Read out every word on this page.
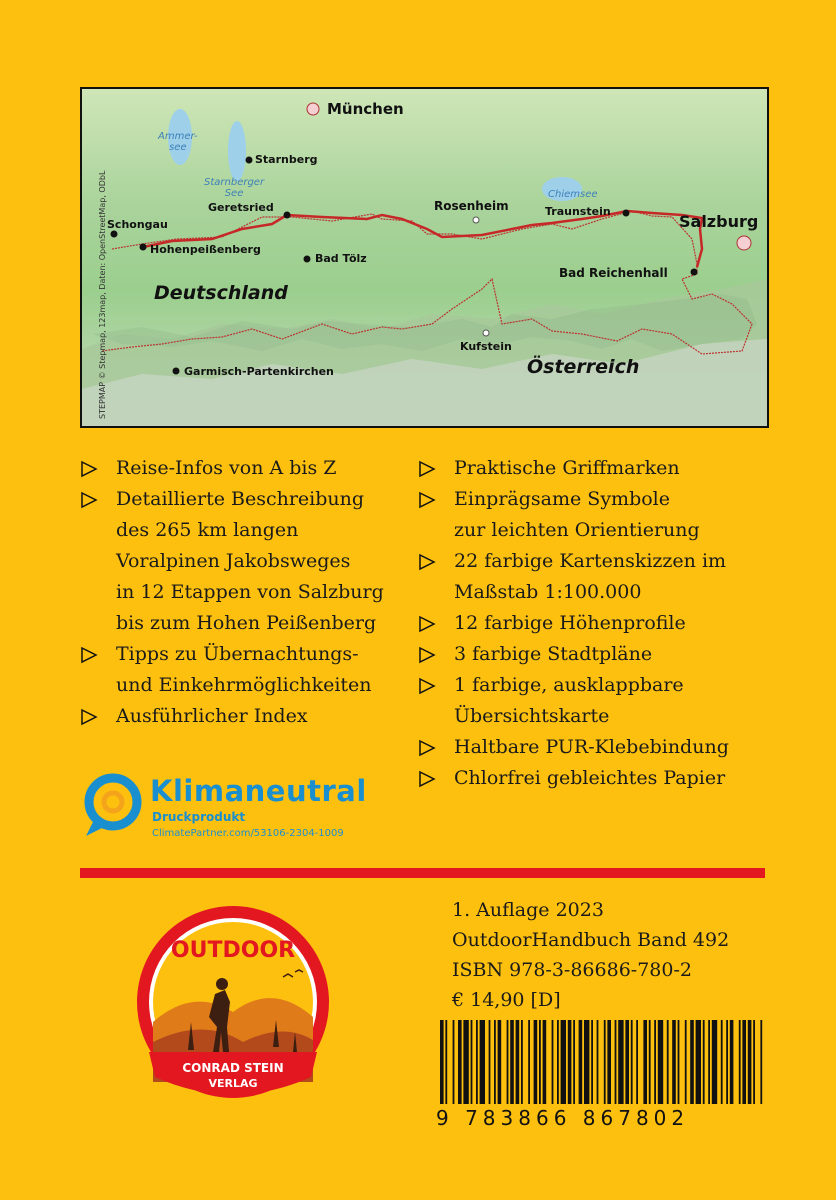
STEPMAP © Stepmap, 123map, Daten: OpenStreetMap, ODbL
München
Starnberg
Geretsried
Schongau
Hohenpeißenberg
Bad Tölz
Rosenheim	Traunstein
Salzburg
Bad Reichenhall
Kufstein
Garmisch-Partenkirchen
Ammer-
see
Starnberger
See	Chiemsee
Deutschland
Österreich
Reise-Infos von A bis Z
Detaillierte Beschreibung
des 265 km langen
Voralpinen Jakobsweges
in 12 Etappen von Salzburg
bis zum Hohen Peißenberg
Tipps zu Übernachtungs-
und Einkehrmöglichkeiten
Ausführlicher Index
Praktische Griffmarken
Einprägsame Symbole
zur leichten Orientierung
22 farbige Kartenskizzen im
Maßstab 1:100.000
12 farbige Höhenprofile
3 farbige Stadtpläne
1 farbige, ausklappbare
Übersichtskarte
Haltbare PUR-Klebebindung
Chlorfrei gebleichtes Papier
Klimaneutral
Druckprodukt
ClimatePartner.com/53106-2304-1009
OUTDOOR
CONRAD STEIN
VERLAG
1. Auflage 2023
OutdoorHandbuch Band 492
ISBN 978-3-86686-780-2
€ 14,90 [D]
9 783866 867802
